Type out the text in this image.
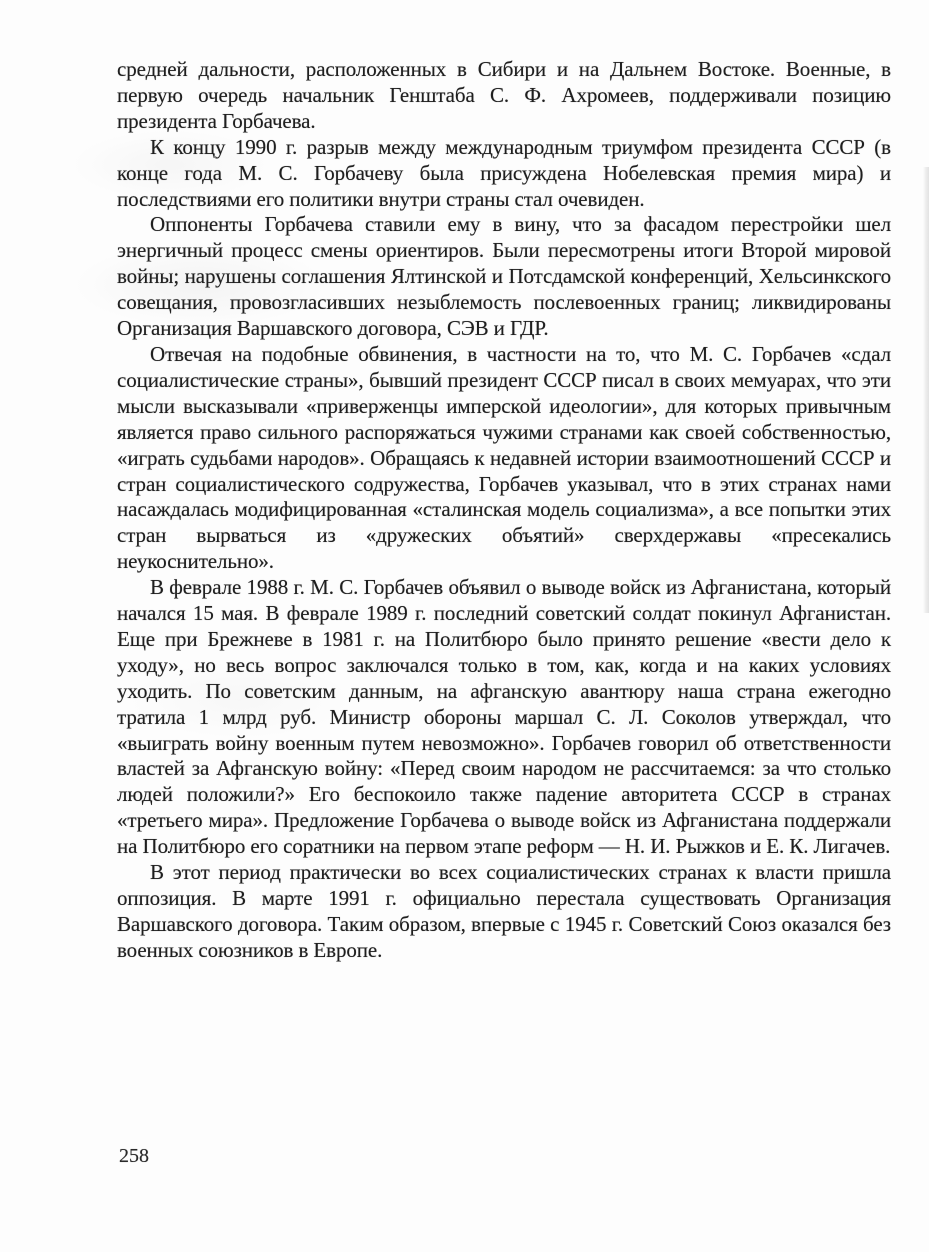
средней дальности, расположенных в Сибири и на Дальнем Востоке. Военные, в первую очередь начальник Генштаба С. Ф. Ахромеев, поддерживали позицию президента Горбачева.

К концу 1990 г. разрыв между международным триумфом президента СССР (в конце года М. С. Горбачеву была присуждена Нобелевская премия мира) и последствиями его политики внутри страны стал очевиден.

Оппоненты Горбачева ставили ему в вину, что за фасадом перестройки шел энергичный процесс смены ориентиров. Были пересмотрены итоги Второй мировой войны; нарушены соглашения Ялтинской и Потсдамской конференций, Хельсинкского совещания, провозгласивших незыблемость послевоенных границ; ликвидированы Организация Варшавского договора, СЭВ и ГДР.

Отвечая на подобные обвинения, в частности на то, что М. С. Горбачев «сдал социалистические страны», бывший президент СССР писал в своих мемуарах, что эти мысли высказывали «приверженцы имперской идеологии», для которых привычным является право сильного распоряжаться чужими странами как своей собственностью, «играть судьбами народов». Обращаясь к недавней истории взаимоотношений СССР и стран социалистического содружества, Горбачев указывал, что в этих странах нами насаждалась модифицированная «сталинская модель социализма», а все попытки этих стран вырваться из «дружеских объятий» сверхдержавы «пресекались неукоснительно».

В феврале 1988 г. М. С. Горбачев объявил о выводе войск из Афганистана, который начался 15 мая. В феврале 1989 г. последний советский солдат покинул Афганистан. Еще при Брежневе в 1981 г. на Политбюро было принято решение «вести дело к уходу», но весь вопрос заключался только в том, как, когда и на каких условиях уходить. По советским данным, на афганскую авантюру наша страна ежегодно тратила 1 млрд руб. Министр обороны маршал С. Л. Соколов утверждал, что «выиграть войну военным путем невозможно». Горбачев говорил об ответственности властей за Афганскую войну: «Перед своим народом не рассчитаемся: за что столько людей положили?» Его беспокоило также падение авторитета СССР в странах «третьего мира». Предложение Горбачева о выводе войск из Афганистана поддержали на Политбюро его соратники на первом этапе реформ — Н. И. Рыжков и Е. К. Лигачев.

В этот период практически во всех социалистических странах к власти пришла оппозиция. В марте 1991 г. официально перестала существовать Организация Варшавского договора. Таким образом, впервые с 1945 г. Советский Союз оказался без военных союзников в Европе.

258
